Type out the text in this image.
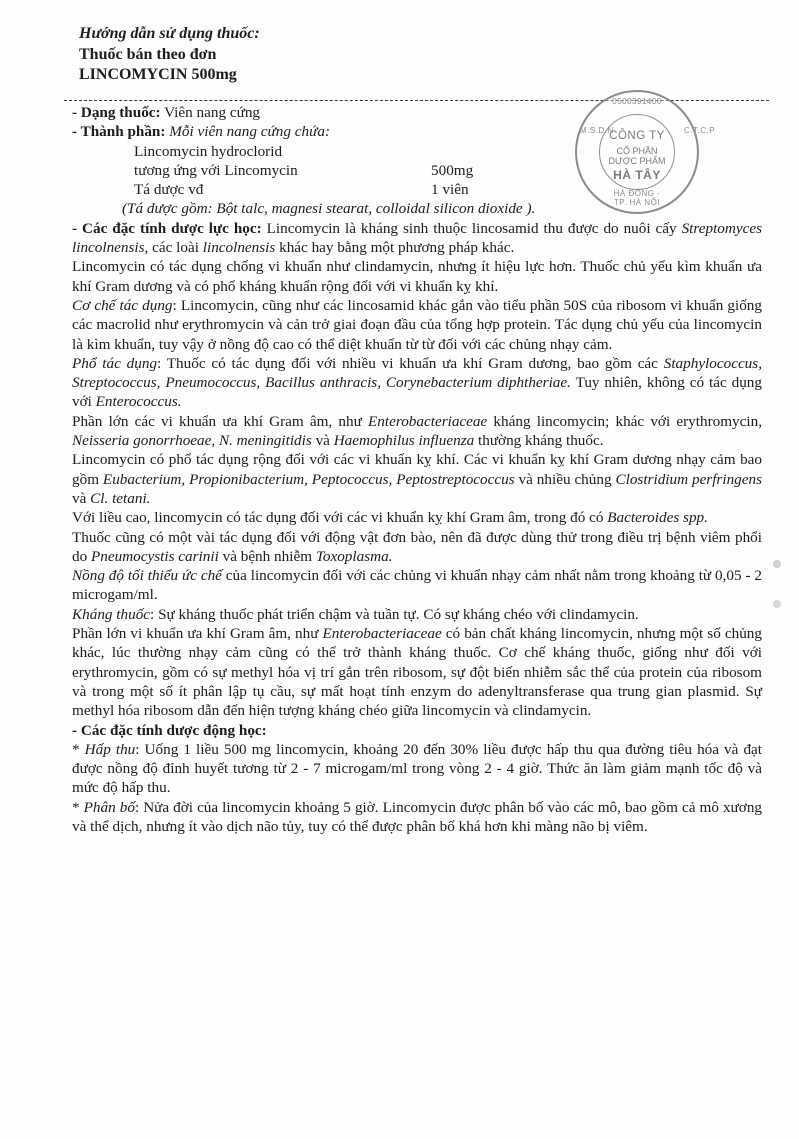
Hướng dẫn sử dụng thuốc:
Thuốc bán theo đơn
LINCOMYCIN 500mg

- Dạng thuốc: Viên nang cứng

- Thành phần: Mỗi viên nang cứng chứa:

Lincomycin hydroclorid

tương ứng với Lincomycin	500mg
Tá dược vđ	1 viên

(Tá dược gồm: Bột talc, magnesi stearat, colloidal silicon dioxide ).

- Các đặc tính dược lực học: Lincomycin là kháng sinh thuộc lincosamid thu được do nuôi cấy Streptomyces lincolnensis, các loài lincolnensis khác hay bằng một phương pháp khác.

Lincomycin có tác dụng chống vi khuẩn như clindamycin, nhưng ít hiệu lực hơn. Thuốc chủ yếu kìm khuẩn ưa khí Gram dương và có phổ kháng khuẩn rộng đối với vi khuẩn kỵ khí.

Cơ chế tác dụng: Lincomycin, cũng như các lincosamid khác gắn vào tiểu phần 50S của ribosom vi khuẩn giống các macrolid như erythromycin và cản trở giai đoạn đầu của tổng hợp protein. Tác dụng chủ yếu của lincomycin là kìm khuẩn, tuy vậy ở nồng độ cao có thể diệt khuẩn từ từ đối với các chủng nhạy cảm.

Phổ tác dụng: Thuốc có tác dụng đối với nhiều vi khuẩn ưa khí Gram dương, bao gồm các Staphylococcus, Streptococcus, Pneumococcus, Bacillus anthracis, Corynebacterium diphtheriae. Tuy nhiên, không có tác dụng với Enterococcus.

Phần lớn các vi khuẩn ưa khí Gram âm, như Enterobacteriaceae kháng lincomycin; khác với erythromycin, Neisseria gonorrhoeae, N. meningitidis và Haemophilus influenza thường kháng thuốc.

Lincomycin có phổ tác dụng rộng đối với các vi khuẩn kỵ khí. Các vi khuẩn kỵ khí Gram dương nhạy cảm bao gồm Eubacterium, Propionibacterium, Peptococcus, Peptostreptococcus và nhiều chủng Clostridium perfringens và Cl. tetani.

Với liều cao, lincomycin có tác dụng đối với các vi khuẩn kỵ khí Gram âm, trong đó có Bacteroides spp.

Thuốc cũng có một vài tác dụng đối với động vật đơn bào, nên đã được dùng thử trong điều trị bệnh viêm phổi do Pneumocystis carinii và bệnh nhiễm Toxoplasma.

Nồng độ tối thiểu ức chế của lincomycin đối với các chủng vi khuẩn nhạy cảm nhất nằm trong khoảng từ 0,05 - 2 microgam/ml.

Kháng thuốc: Sự kháng thuốc phát triển chậm và tuần tự. Có sự kháng chéo với clindamycin.

Phần lớn vi khuẩn ưa khí Gram âm, như Enterobacteriaceae có bản chất kháng lincomycin, nhưng một số chủng khác, lúc thường nhạy cảm cũng có thể trở thành kháng thuốc. Cơ chế kháng thuốc, giống như đối với erythromycin, gồm có sự methyl hóa vị trí gắn trên ribosom, sự đột biến nhiễm sắc thể của protein của ribosom và trong một số ít phân lập tụ cầu, sự mất hoạt tính enzym do adenyltransferase qua trung gian plasmid. Sự methyl hóa ribosom dẫn đến hiện tượng kháng chéo giữa lincomycin và clindamycin.

- Các đặc tính dược động học:

* Hấp thu: Uống 1 liều 500 mg lincomycin, khoảng 20 đến 30% liều được hấp thu qua đường tiêu hóa và đạt được nồng độ đỉnh huyết tương từ 2 - 7 microgam/ml trong vòng 2 - 4 giờ. Thức ăn làm giảm mạnh tốc độ và mức độ hấp thu.

* Phân bố: Nửa đời của lincomycin khoảng 5 giờ. Lincomycin được phân bố vào các mô, bao gồm cả mô xương và thể dịch, nhưng ít vào dịch não tủy, tuy có thể được phân bố khá hơn khi màng não bị viêm.

0500391400
M.S.D.N	C.T.C.P
HÀ ĐÔNG - TP. HÀ NỘI
CÔNG TY
CỔ PHẦN
DƯỢC PHẨM
HÀ TÂY
